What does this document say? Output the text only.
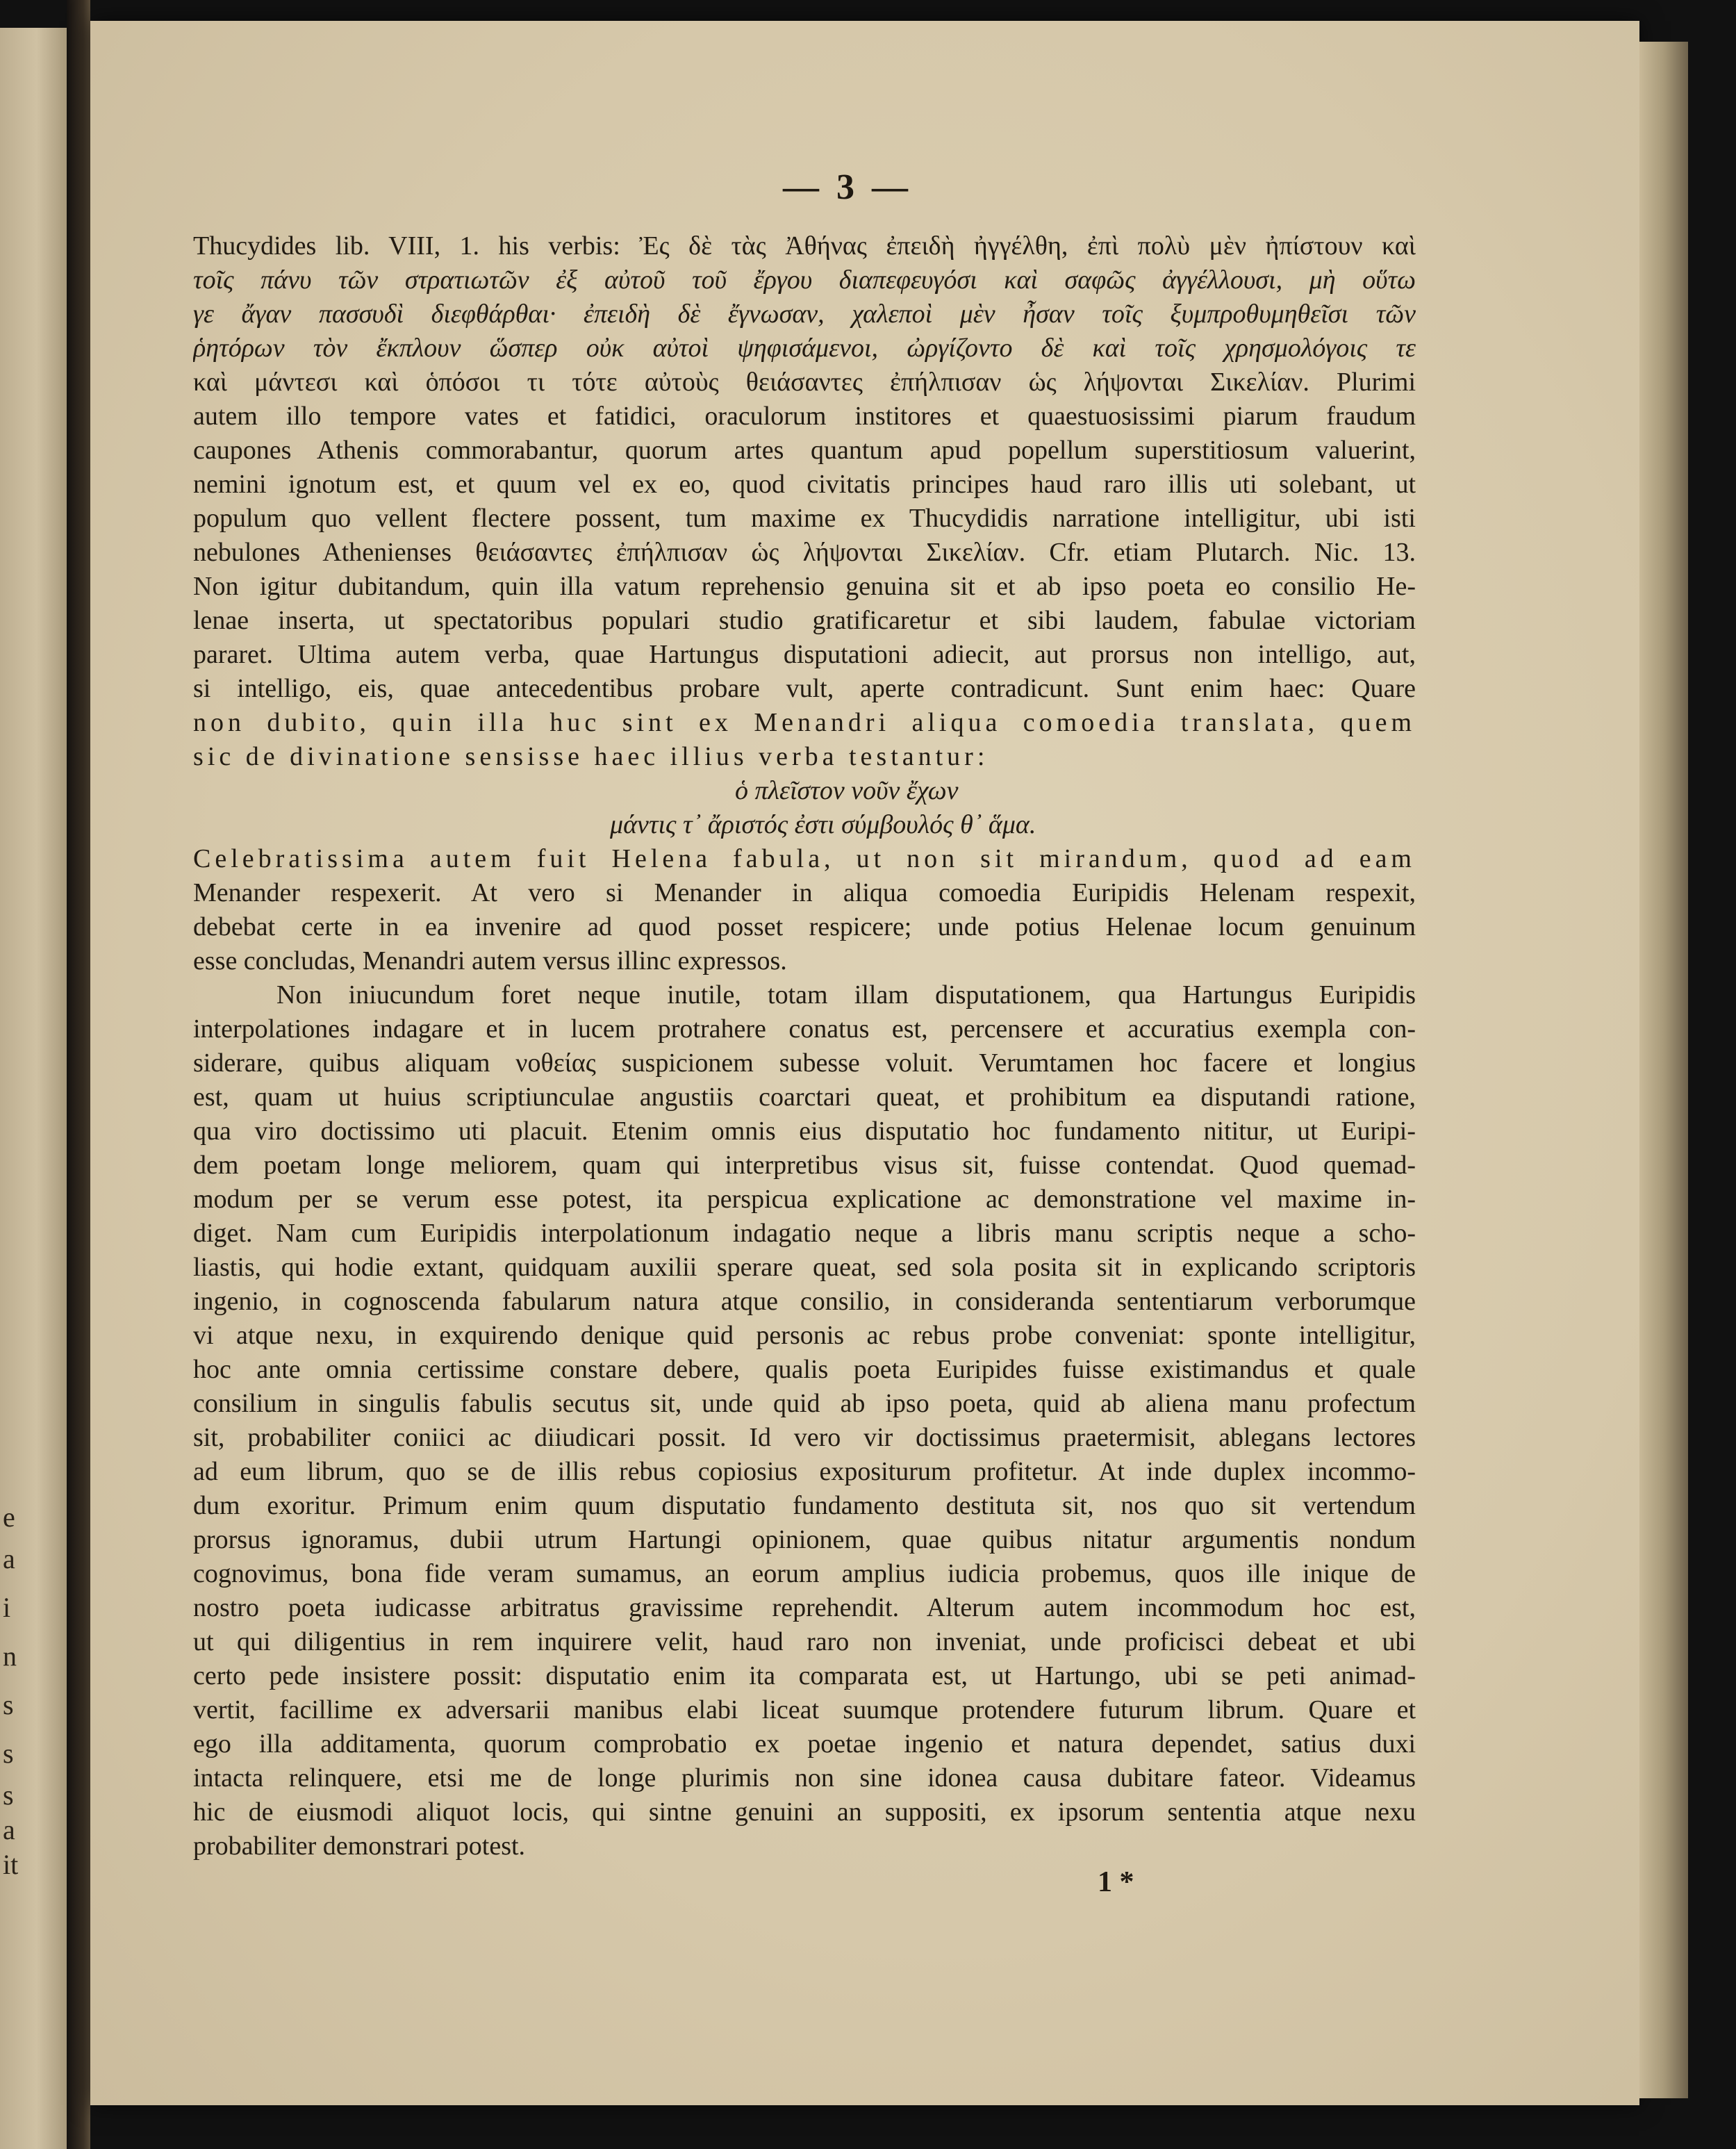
e
a
i
n
s
s
s
a
it
— 3 —
Thucydides lib. VIII, 1. his verbis: Ἐς δὲ τὰς Ἀθήνας ἐπειδὴ ἠγγέλθη, ἐπὶ πολὺ μὲν ἠπίστουν καὶ
τοῖς πάνυ τῶν στρατιωτῶν ἐξ αὐτοῦ τοῦ ἔργου διαπεφευγόσι καὶ σαφῶς ἀγγέλλουσι, μὴ οὕτω
γε ἄγαν πασσυδὶ διεφθάρθαι· ἐπειδὴ δὲ ἔγνωσαν, χαλεποὶ μὲν ἦσαν τοῖς ξυμπροθυμηθεῖσι τῶν
ῥητόρων τὸν ἔκπλουν ὥσπερ οὐκ αὐτοὶ ψηφισάμενοι, ὠργίζοντο δὲ καὶ τοῖς χρησμολόγοις τε
καὶ μάντεσι καὶ ὁπόσοι τι τότε αὐτοὺς θειάσαντες ἐπήλπισαν ὡς λήψονται Σικελίαν. Plurimi
autem illo tempore vates et fatidici, oraculorum institores et quaestuosissimi piarum fraudum
caupones Athenis commorabantur, quorum artes quantum apud popellum superstitiosum valuerint,
nemini ignotum est, et quum vel ex eo, quod civitatis principes haud raro illis uti solebant, ut
populum quo vellent flectere possent, tum maxime ex Thucydidis narratione intelligitur, ubi isti
nebulones Athenienses θειάσαντες ἐπήλπισαν ὡς λήψονται Σικελίαν. Cfr. etiam Plutarch. Nic. 13.
Non igitur dubitandum, quin illa vatum reprehensio genuina sit et ab ipso poeta eo consilio He-
lenae inserta, ut spectatoribus populari studio gratificaretur et sibi laudem, fabulae victoriam
pararet. Ultima autem verba, quae Hartungus disputationi adiecit, aut prorsus non intelligo, aut,
si intelligo, eis, quae antecedentibus probare vult, aperte contradicunt. Sunt enim haec: Quare
non dubito, quin illa huc sint ex Menandri aliqua comoedia translata, quem
sic de divinatione sensisse haec illius verba testantur:
ὁ πλεῖστον νοῦν ἔχων
μάντις τ᾽ ἄριστός ἐστι σύμβουλός θ᾽ ἅμα.
Celebratissima autem fuit Helena fabula, ut non sit mirandum, quod ad eam
Menander respexerit. At vero si Menander in aliqua comoedia Euripidis Helenam respexit,
debebat certe in ea invenire ad quod posset respicere; unde potius Helenae locum genuinum
esse concludas, Menandri autem versus illinc expressos.
Non iniucundum foret neque inutile, totam illam disputationem, qua Hartungus Euripidis
interpolationes indagare et in lucem protrahere conatus est, percensere et accuratius exempla con-
siderare, quibus aliquam νοθείας suspicionem subesse voluit. Verumtamen hoc facere et longius
est, quam ut huius scriptiunculae angustiis coarctari queat, et prohibitum ea disputandi ratione,
qua viro doctissimo uti placuit. Etenim omnis eius disputatio hoc fundamento nititur, ut Euripi-
dem poetam longe meliorem, quam qui interpretibus visus sit, fuisse contendat. Quod quemad-
modum per se verum esse potest, ita perspicua explicatione ac demonstratione vel maxime in-
diget. Nam cum Euripidis interpolationum indagatio neque a libris manu scriptis neque a scho-
liastis, qui hodie extant, quidquam auxilii sperare queat, sed sola posita sit in explicando scriptoris
ingenio, in cognoscenda fabularum natura atque consilio, in consideranda sententiarum verborumque
vi atque nexu, in exquirendo denique quid personis ac rebus probe conveniat: sponte intelligitur,
hoc ante omnia certissime constare debere, qualis poeta Euripides fuisse existimandus et quale
consilium in singulis fabulis secutus sit, unde quid ab ipso poeta, quid ab aliena manu profectum
sit, probabiliter coniici ac diiudicari possit. Id vero vir doctissimus praetermisit, ablegans lectores
ad eum librum, quo se de illis rebus copiosius expositurum profitetur. At inde duplex incommo-
dum exoritur. Primum enim quum disputatio fundamento destituta sit, nos quo sit vertendum
prorsus ignoramus, dubii utrum Hartungi opinionem, quae quibus nitatur argumentis nondum
cognovimus, bona fide veram sumamus, an eorum amplius iudicia probemus, quos ille inique de
nostro poeta iudicasse arbitratus gravissime reprehendit. Alterum autem incommodum hoc est,
ut qui diligentius in rem inquirere velit, haud raro non inveniat, unde proficisci debeat et ubi
certo pede insistere possit: disputatio enim ita comparata est, ut Hartungo, ubi se peti animad-
vertit, facillime ex adversarii manibus elabi liceat suumque protendere futurum librum. Quare et
ego illa additamenta, quorum comprobatio ex poetae ingenio et natura dependet, satius duxi
intacta relinquere, etsi me de longe plurimis non sine idonea causa dubitare fateor. Videamus
hic de eiusmodi aliquot locis, qui sintne genuini an suppositi, ex ipsorum sententia atque nexu
probabiliter demonstrari potest.
1 *
